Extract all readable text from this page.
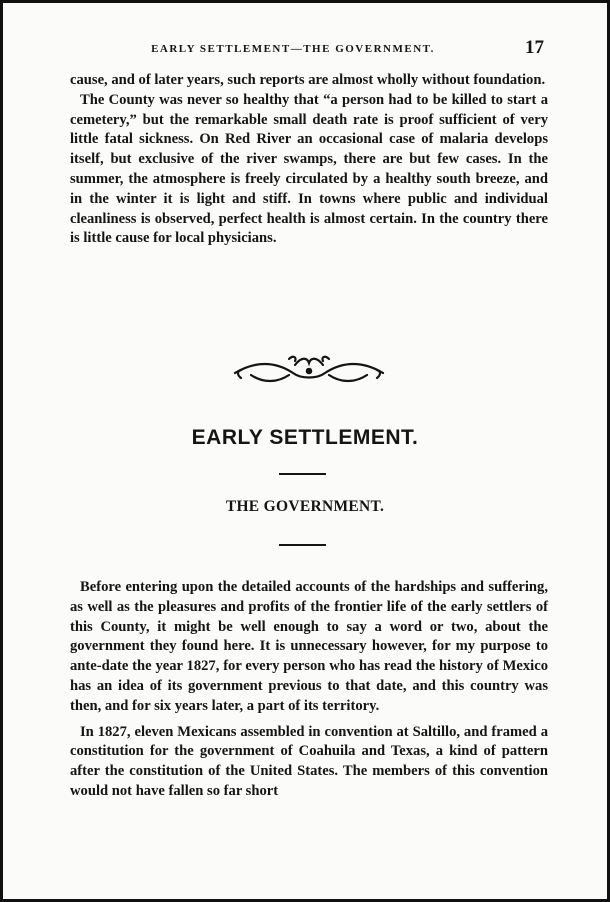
EARLY SETTLEMENT—THE GOVERNMENT.	17

cause, and of later years, such reports are almost wholly without foundation.

The County was never so healthy that “a person had to be killed to start a cemetery,” but the remarkable small death rate is proof sufficient of very little fatal sickness. On Red River an occasional case of malaria develops itself, but exclusive of the river swamps, there are but few cases. In the summer, the atmosphere is freely circulated by a healthy south breeze, and in the winter it is light and stiff. In towns where public and individual cleanliness is observed, perfect health is almost certain. In the country there is little cause for local physicians.

EARLY SETTLEMENT.
THE GOVERNMENT.

Before entering upon the detailed accounts of the hardships and suffering, as well as the pleasures and profits of the frontier life of the early settlers of this County, it might be well enough to say a word or two, about the government they found here. It is unnecessary however, for my purpose to ante-date the year 1827, for every person who has read the history of Mexico has an idea of its government previous to that date, and this country was then, and for six years later, a part of its territory.

In 1827, eleven Mexicans assembled in convention at Saltillo, and framed a constitution for the government of Coahuila and Texas, a kind of pattern after the constitution of the United States. The members of this convention would not have fallen so far short
